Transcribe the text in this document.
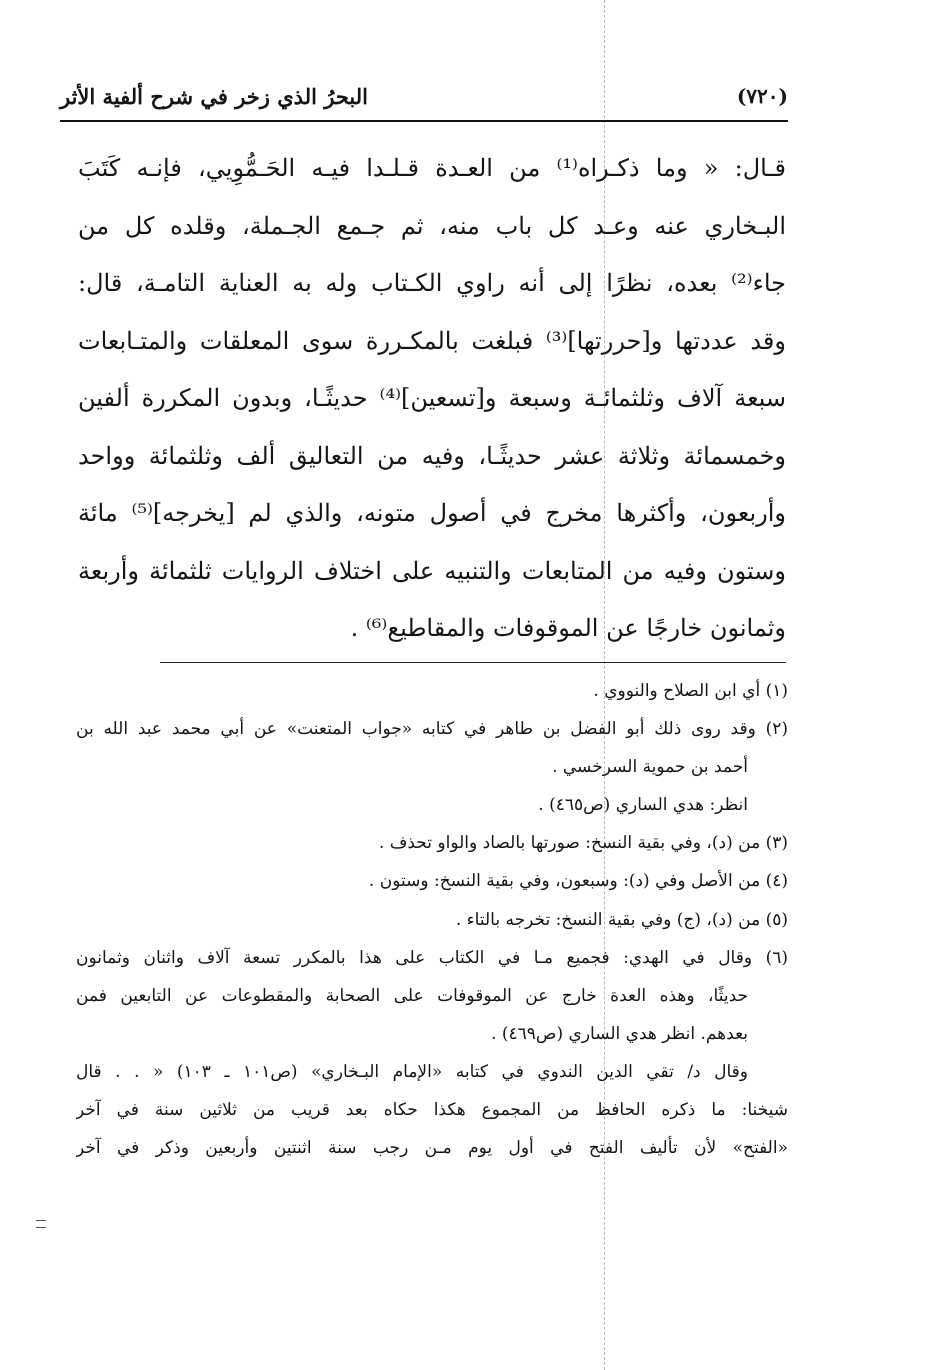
(٧٢٠)
البحرُ الذي زخر في شرح ألفية الأثر
قـال: « وما ذكـراه⁽¹⁾ من العـدة قـلـدا فيـه الحَـمُّوِيي، فإنـه كَتَبَ
البـخاري عنه وعـد كل باب منه، ثم جـمع الجـملة، وقلده كل من
جاء⁽²⁾ بعده، نظرًا إلى أنه راوي الكـتاب وله به العناية التامـة، قال:
وقد عددتها و[حررتها]⁽³⁾ فبلغت بالمكـررة سوى المعلقات والمتـابعات
سبعة آلاف وثلثمائـة وسبعة و[تسعين]⁽⁴⁾ حديثًـا، وبدون المكررة ألفين
وخمسمائة وثلاثة عشر حديثًـا، وفيه من التعاليق ألف وثلثمائة وواحد
وأربعون، وأكثرها مخرج في أصول متونه، والذي لم [يخرجه]⁽⁵⁾ مائة
وستون وفيه من المتابعات والتنبيه على اختلاف الروايات ثلثمائة وأربعة
وثمانون خارجًا عن الموقوفات والمقاطيع⁽⁶⁾ .
(١) أي ابن الصلاح والنووي .
(٢) وقد روى ذلك أبو الفضل بن طاهر في كتابه «جواب المتعنت» عن أبي محمد عبد الله بن
أحمد بن حموية السرخسي .
انظر: هدي الساري (ص٤٦٥) .
(٣) من (د)، وفي بقية النسخ: صورتها بالصاد والواو تحذف .
(٤) من الأصل وفي (د): وسبعون، وفي بقية النسخ: وستون .
(٥) من (د)، (ج) وفي بقية النسخ: تخرجه بالتاء .
(٦) وقال في الهدي: فجميع مـا في الكتاب على هذا بالمكرر تسعة آلاف واثنان وثمانون
حديثًا، وهذه العدة خارج عن الموقوفات على الصحابة والمقطوعات عن التابعين فمن
بعدهم. انظر هدي الساري (ص٤٦٩) .
وقال د/ تقي الدين الندوي في كتابه «الإمام البـخاري» (ص١٠١ ـ ١٠٣) « . . قال
شيخنا: ما ذكره الحافظ من المجموع هكذا حكاه بعد قريب من ثلاثين سنة في آخر
«الفتح» لأن تأليف الفتح في أول يوم مـن رجب سنة اثنتين وأربعين وذكر في آخر
